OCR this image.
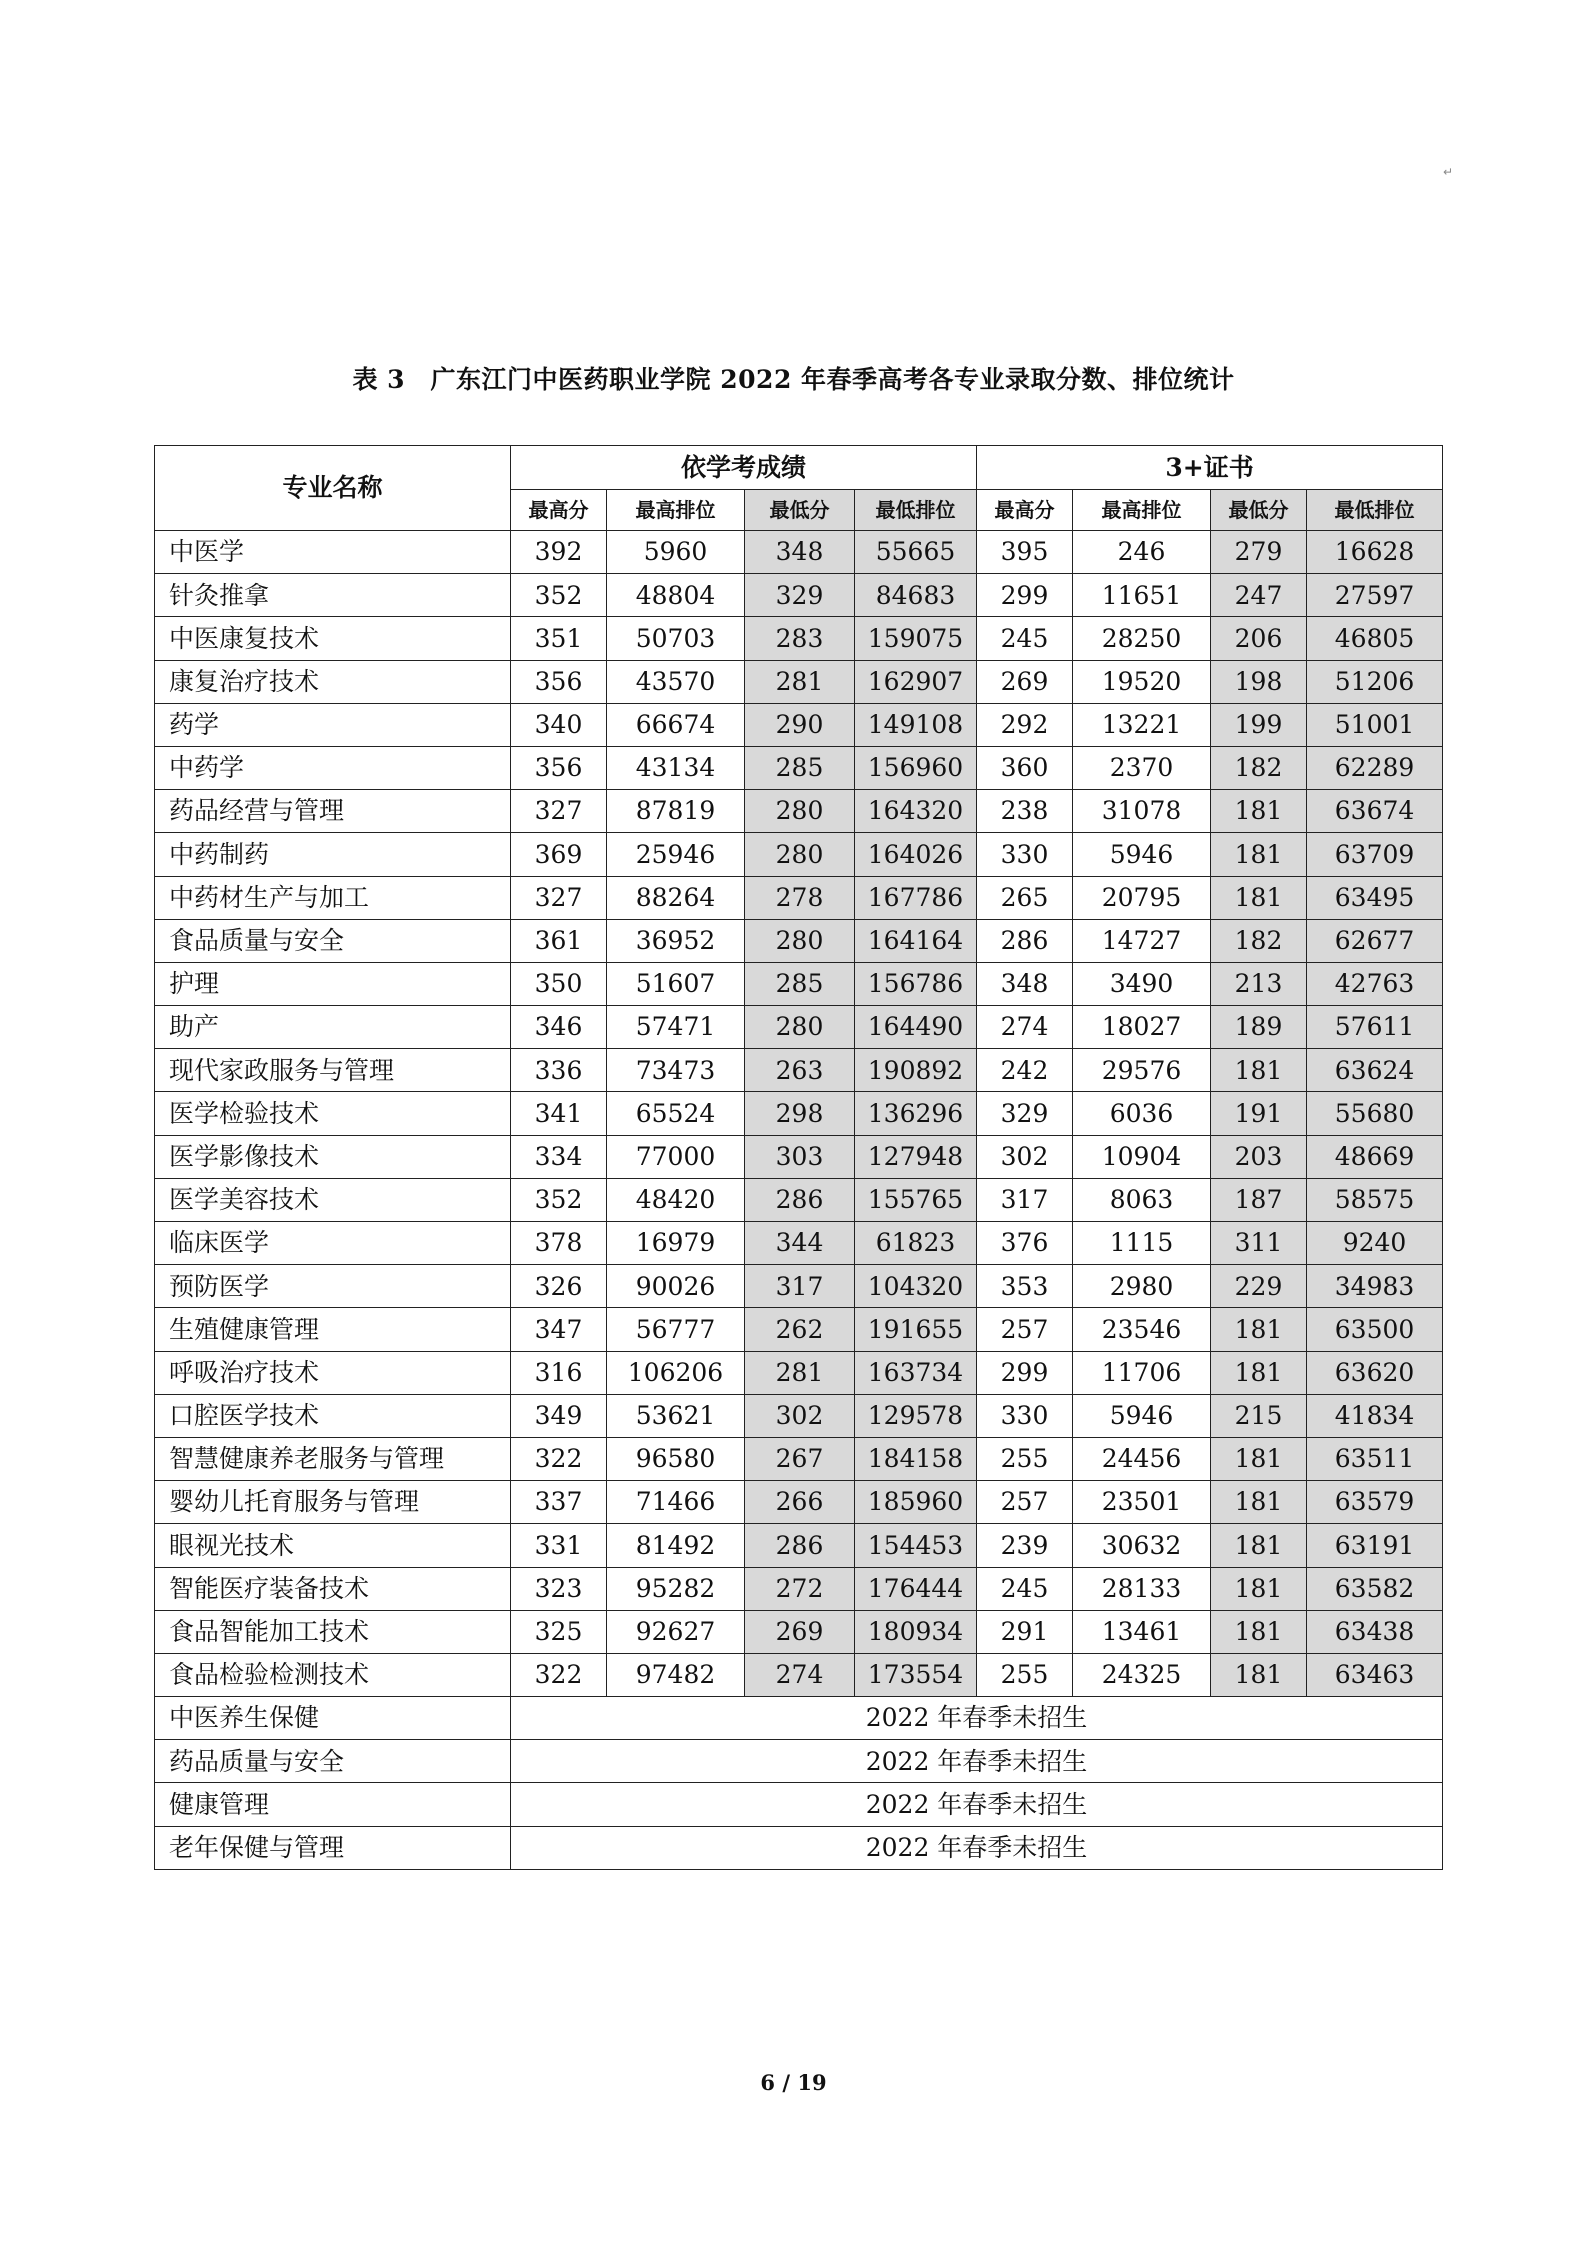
表 3　广东江门中医药职业学院 2022 年春季高考各专业录取分数、排位统计
专业名称	依学考成绩				3+证书			
	最高分	最高排位	最低分	最低排位	最高分	最高排位	最低分	最低排位
中医学	392	5960	348	55665	395	246	279	16628
针灸推拿	352	48804	329	84683	299	11651	247	27597
中医康复技术	351	50703	283	159075	245	28250	206	46805
康复治疗技术	356	43570	281	162907	269	19520	198	51206
药学	340	66674	290	149108	292	13221	199	51001
中药学	356	43134	285	156960	360	2370	182	62289
药品经营与管理	327	87819	280	164320	238	31078	181	63674
中药制药	369	25946	280	164026	330	5946	181	63709
中药材生产与加工	327	88264	278	167786	265	20795	181	63495
食品质量与安全	361	36952	280	164164	286	14727	182	62677
护理	350	51607	285	156786	348	3490	213	42763
助产	346	57471	280	164490	274	18027	189	57611
现代家政服务与管理	336	73473	263	190892	242	29576	181	63624
医学检验技术	341	65524	298	136296	329	6036	191	55680
医学影像技术	334	77000	303	127948	302	10904	203	48669
医学美容技术	352	48420	286	155765	317	8063	187	58575
临床医学	378	16979	344	61823	376	1115	311	9240
预防医学	326	90026	317	104320	353	2980	229	34983
生殖健康管理	347	56777	262	191655	257	23546	181	63500
呼吸治疗技术	316	106206	281	163734	299	11706	181	63620
口腔医学技术	349	53621	302	129578	330	5946	215	41834
智慧健康养老服务与管理	322	96580	267	184158	255	24456	181	63511
婴幼儿托育服务与管理	337	71466	266	185960	257	23501	181	63579
眼视光技术	331	81492	286	154453	239	30632	181	63191
智能医疗装备技术	323	95282	272	176444	245	28133	181	63582
食品智能加工技术	325	92627	269	180934	291	13461	181	63438
食品检验检测技术	322	97482	274	173554	255	24325	181	63463
中医养生保健	2022 年春季未招生							
药品质量与安全	2022 年春季未招生							
健康管理	2022 年春季未招生							
老年保健与管理	2022 年春季未招生							
↵
6 / 19
